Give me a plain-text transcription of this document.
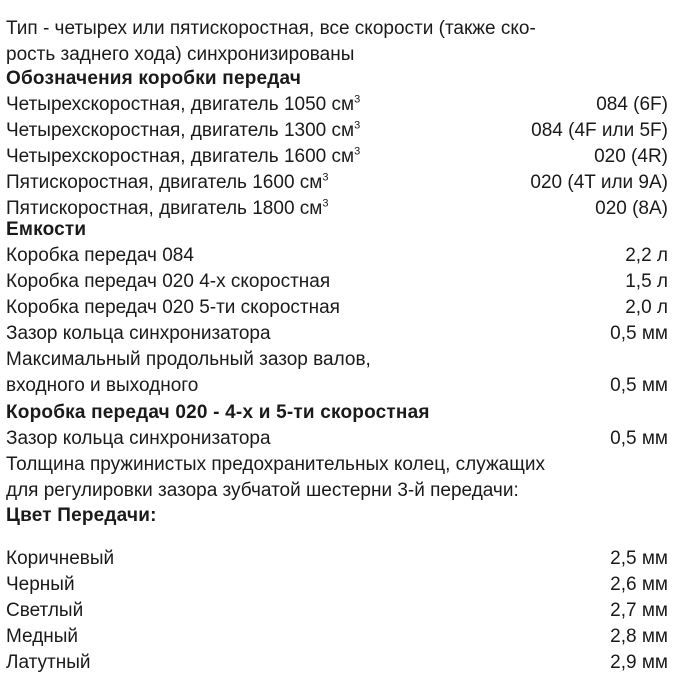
Тип - четырех или пятискоростная, все скорости (также ско-
рость заднего хода) синхронизированы
Обозначения коробки передач
Четырехскоростная, двигатель 1050 $см^3$	084 (6F)
Четырехскоростная, двигатель 1300 $см^3$	084 (4F или 5F)
Четырехскоростная, двигатель 1600 $см^3$	020 (4R)
Пятискоростная, двигатель 1600 $см^3$	020 (4T или 9A)
Пятискоростная, двигатель 1800 $см^3$	020 (8A)
Емкости
Коробка передач 084	2,2 л
Коробка передач 020 4-х скоростная	1,5 л
Коробка передач 020 5-ти скоростная	2,0 л
Зазор кольца синхронизатора	0,5 мм
Максимальный продольный зазор валов,
входного и выходного	0,5 мм
Коробка передач 020 - 4-х и 5-ти скоростная
Зазор кольца синхронизатора	0,5 мм
Толщина пружинистых предохранительных колец, служащих
для регулировки зазора зубчатой шестерни 3-й передачи:
Цвет Передачи:
Коричневый	2,5 мм
Черный	2,6 мм
Светлый	2,7 мм
Медный	2,8 мм
Латутный	2,9 мм
